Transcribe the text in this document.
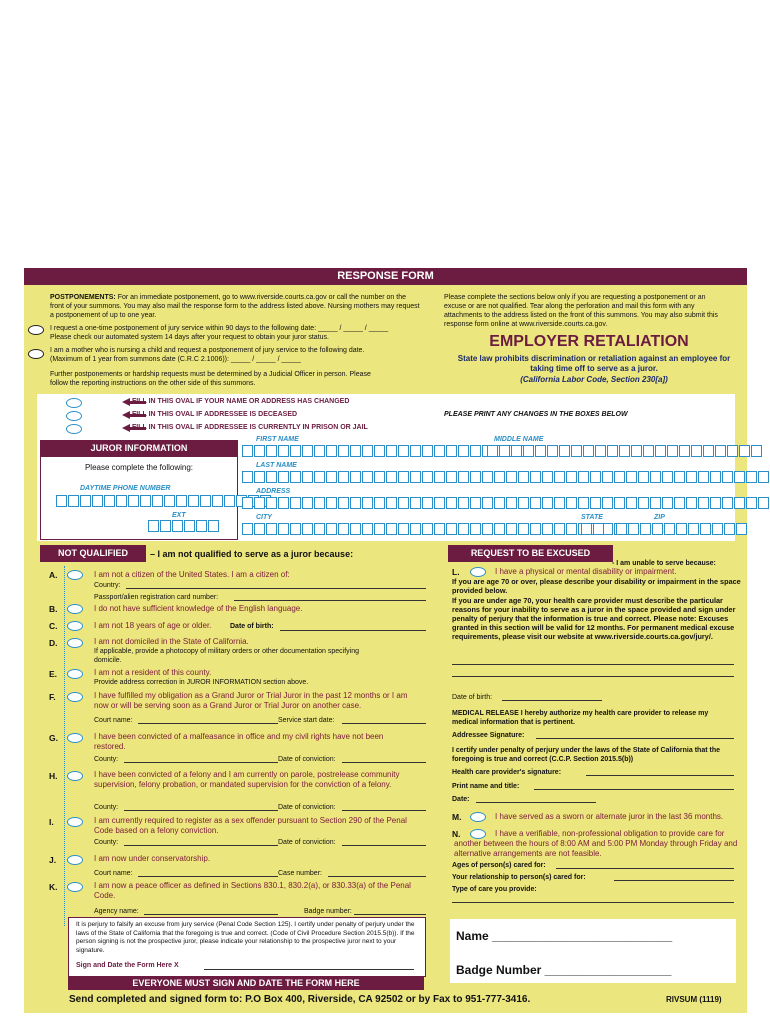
RESPONSE FORM
POSTPONEMENTS: For an immediate postponement, go to www.riverside.courts.ca.gov or call the number on the front of your summons. You may also mail the response form to the address listed above. Nursing mothers may request a postponement of up to one year.
I request a one-time postponement of jury service within 90 days to the following date: _____ / _____ / _____
Please check our automated system 14 days after your request to obtain your juror status.
I am a mother who is nursing a child and request a postponement of jury service to the following date. (Maximum of 1 year from summons date (C.R.C 2.1006)): _____ / _____ / _____
Further postponements or hardship requests must be determined by a Judicial Officer in person. Please follow the reporting instructions on the other side of this summons.
Please complete the sections below only if you are requesting a postponement or an excuse or are not qualified. Tear along the perforation and mail this form with any attachments to the address listed on the front of this summons. You may also submit this response form online at www.riverside.courts.ca.gov.
EMPLOYER RETALIATION
State law prohibits discrimination or retaliation against an employee for taking time off to serve as a juror.
(California Labor Code, Section 230[a])
FILL IN THIS OVAL IF YOUR NAME OR ADDRESS HAS CHANGED
FILL IN THIS OVAL IF ADDRESSEE IS DECEASED
FILL IN THIS OVAL IF ADDRESSEE IS CURRENTLY IN PRISON OR JAIL
PLEASE PRINT ANY CHANGES IN THE BOXES BELOW
JUROR INFORMATION
Please complete the following:
DAYTIME PHONE NUMBER
EXT
FIRST NAME	MIDDLE NAME
LAST NAME
ADDRESS
CITY	STATE	ZIP
NOT QUALIFIED	– I am not qualified to serve as a juror because:
A.	I am not a citizen of the United States. I am a citizen of:
Country:
Passport/alien registration card number:
B.	I do not have sufficient knowledge of the English language.
C.	I am not 18 years of age or older.	Date of birth:
D.	I am not domiciled in the State of California.
If applicable, provide a photocopy of military orders or other documentation specifying domicile.
E.	I am not a resident of this county.
Provide address correction in JUROR INFORMATION section above.
F.	I have fulfilled my obligation as a Grand Juror or Trial Juror in the past 12 months or I am now or will be serving soon as a Grand Juror or Trial Juror on another case.
Court name:	Service start date:
G.	I have been convicted of a malfeasance in office and my civil rights have not been restored.
County:	Date of conviction:
H.	I have been convicted of a felony and I am currently on parole, postrelease community supervision, felony probation, or mandated supervision for the conviction of a felony.
County:	Date of conviction:
I.	I am currently required to register as a sex offender pursuant to Section 290 of the Penal Code based on a felony conviction.
County:	Date of conviction:
J.	I am now under conservatorship.
Court name:	Case number:
K.	I am now a peace officer as defined in Sections 830.1, 830.2(a), or 830.33(a) of the Penal Code.
Agency name:	Badge number:
It is perjury to falsify an excuse from jury service (Penal Code Section 125). I certify under penalty of perjury under the laws of the State of California that the foregoing is true and correct. (Code of Civil Procedure Section 2015.5(b)). If the person signing is not the prospective juror, please indicate your relationship to the prospective juror next to your signature.
Sign and Date the Form Here X
REQUEST TO BE EXCUSED
- I am unable to serve because:
L.	I have a physical or mental disability or impairment.
If you are age 70 or over, please describe your disability or impairment in the space provided below.
If you are under age 70, your health care provider must describe the particular reasons for your inability to serve as a juror in the space provided and sign under penalty of perjury that the information is true and correct. Please note: Excuses granted in this section will be valid for 12 months. For permanent medical excuse requirements, please visit our website at www.riverside.courts.ca.gov/jury/.
Date of birth:
MEDICAL RELEASE I hereby authorize my health care provider to release my medical information that is pertinent.
Addressee Signature:
I certify under penalty of perjury under the laws of the State of California that the foregoing is true and correct (C.C.P. Section 2015.5(b))
Health care provider's signature:
Print name and title:
Date:
M.	I have served as a sworn or alternate juror in the last 36 months.
N.	I have a verifiable, non-professional obligation to provide care for another between the hours of 8:00 AM and 5:00 PM Monday through Friday and alternative arrangements are not feasible.
Ages of person(s) cared for:
Your relationship to person(s) cared for:
Type of care you provide:
Name ___________________________
Badge Number ___________________
EVERYONE MUST SIGN AND DATE THE FORM HERE
Send completed and signed form to: P.O Box 400, Riverside, CA 92502 or by Fax to 951-777-3416.	RIVSUM (1119)
